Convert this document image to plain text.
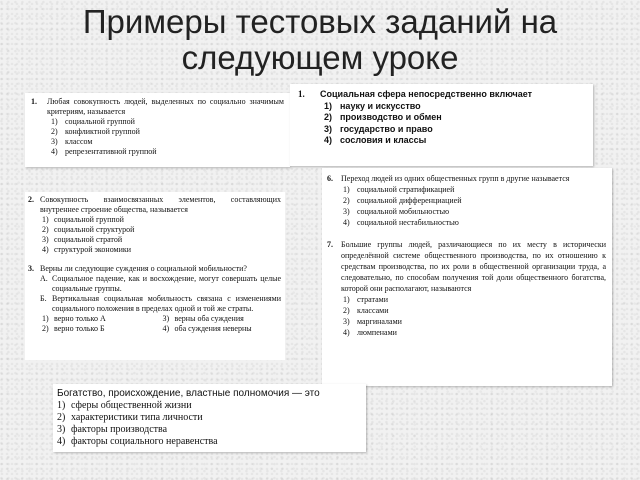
Примеры тестовых заданий на следующем уроке
1.	Любая совокупность людей, выделенных по социально значимым критериям, называется
1) социальной группой
2) конфликтной группой
3) классом
4) репрезентативной группой
1.	Социальная сфера непосредственно включает
1) науку и искусство
2) производство и обмен
3) государство и право
4) сословия и классы
2. Совокупность взаимосвязанных элементов, составляющих внутреннее строение общества, называется
1) социальной группой
2) социальной структурой
3) социальной стратой
4) структурой экономики
3. Верны ли следующие суждения о социальной мобильности?
А. Социальное падение, как и восхождение, могут совершать целые социальные группы.
Б. Вертикальная социальная мобильность связана с изменениями социального положения в пределах одной и той же страты.
1) верно только А	3) верны оба суждения
2) верно только Б	4) оба суждения неверны
6.	Переход людей из одних общественных групп в другие называется
1) социальной стратификацией
2) социальной дифференциацией
3) социальной мобильностью
4) социальной нестабильностью
7.	Большие группы людей, различающиеся по их месту в исторически определённой системе общественного производства, по их отношению к средствам производства, по их роли в общественной организации труда, а следовательно, по способам получения той доли общественного богатства, которой они располагают, называются
1) стратами
2) классами
3) маргиналами
4) люмпенами
Богатство, происхождение, властные полномочия — это
1) сферы общественной жизни
2) характеристики типа личности
3) факторы производства
4) факторы социального неравенства
